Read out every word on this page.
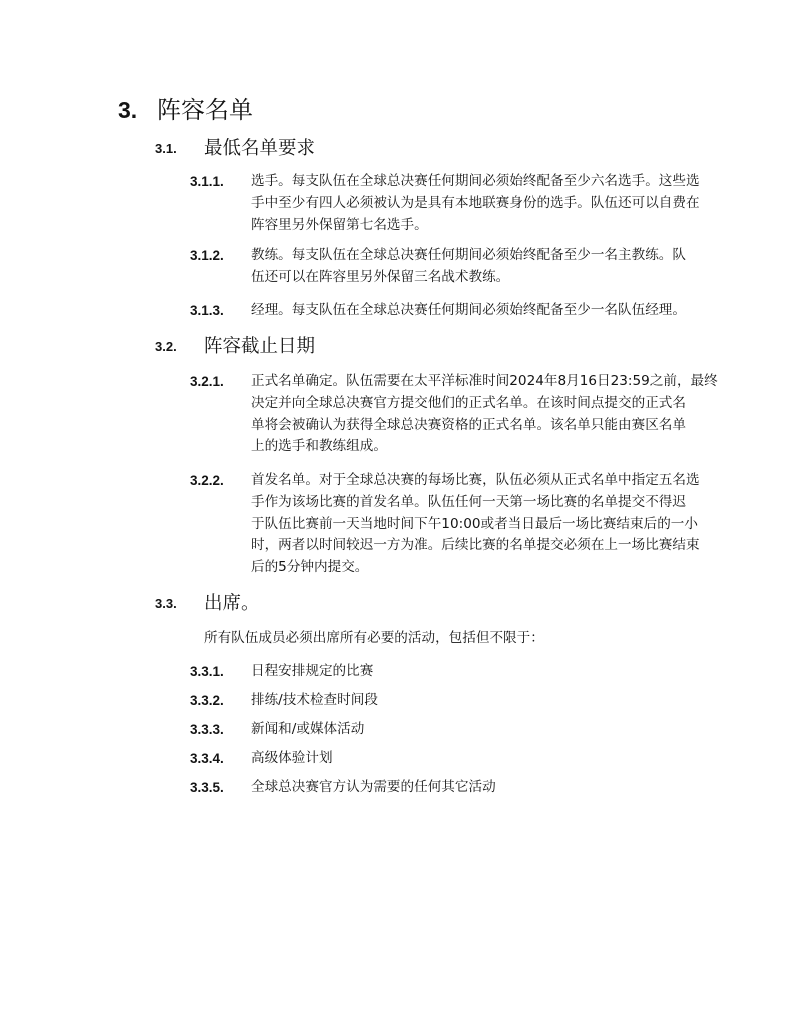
3. 阵容名单
3.1. 最低名单要求
3.1.1. 选手。每支队伍在全球总决赛任何期间必须始终配备至少六名选手。这些选
手中至少有四人必须被认为是具有本地联赛身份的选手。队伍还可以自费在
阵容里另外保留第七名选手。
3.1.2. 教练。每支队伍在全球总决赛任何期间必须始终配备至少一名主教练。队
伍还可以在阵容里另外保留三名战术教练。
3.1.3. 经理。每支队伍在全球总决赛任何期间必须始终配备至少一名队伍经理。
3.2. 阵容截止日期
3.2.1. 正式名单确定。队伍需要在太平洋标准时间2024年8月16日23:59之前，最终
决定并向全球总决赛官方提交他们的正式名单。在该时间点提交的正式名
单将会被确认为获得全球总决赛资格的正式名单。该名单只能由赛区名单
上的选手和教练组成。
3.2.2. 首发名单。对于全球总决赛的每场比赛，队伍必须从正式名单中指定五名选
手作为该场比赛的首发名单。队伍任何一天第一场比赛的名单提交不得迟
于队伍比赛前一天当地时间下午10:00或者当日最后一场比赛结束后的一小
时，两者以时间较迟一方为准。后续比赛的名单提交必须在上一场比赛结束
后的5分钟内提交。
3.3. 出席。
所有队伍成员必须出席所有必要的活动，包括但不限于：
3.3.1. 日程安排规定的比赛
3.3.2. 排练/技术检查时间段
3.3.3. 新闻和/或媒体活动
3.3.4. 高级体验计划
3.3.5. 全球总决赛官方认为需要的任何其它活动
